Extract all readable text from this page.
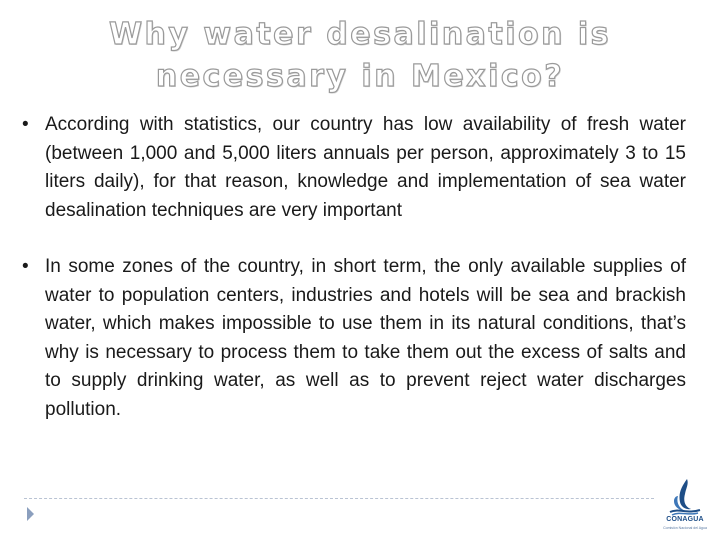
Why water desalination is necessary in Mexico?
• According with statistics, our country has low availability of fresh water (between 1,000 and 5,000 liters annuals per person, approximately 3 to 15 liters daily), for that reason, knowledge and implementation of sea water desalination techniques are very important
• In some zones of the country, in short term, the only available supplies of water to population centers, industries and hotels will be sea and brackish water, which makes impossible to use them in its natural conditions, that’s why is necessary to process them to take them out the excess of salts and to supply drinking water, as well as to prevent reject water discharges pollution.
CONAGUA
Comisión Nacional del Agua
